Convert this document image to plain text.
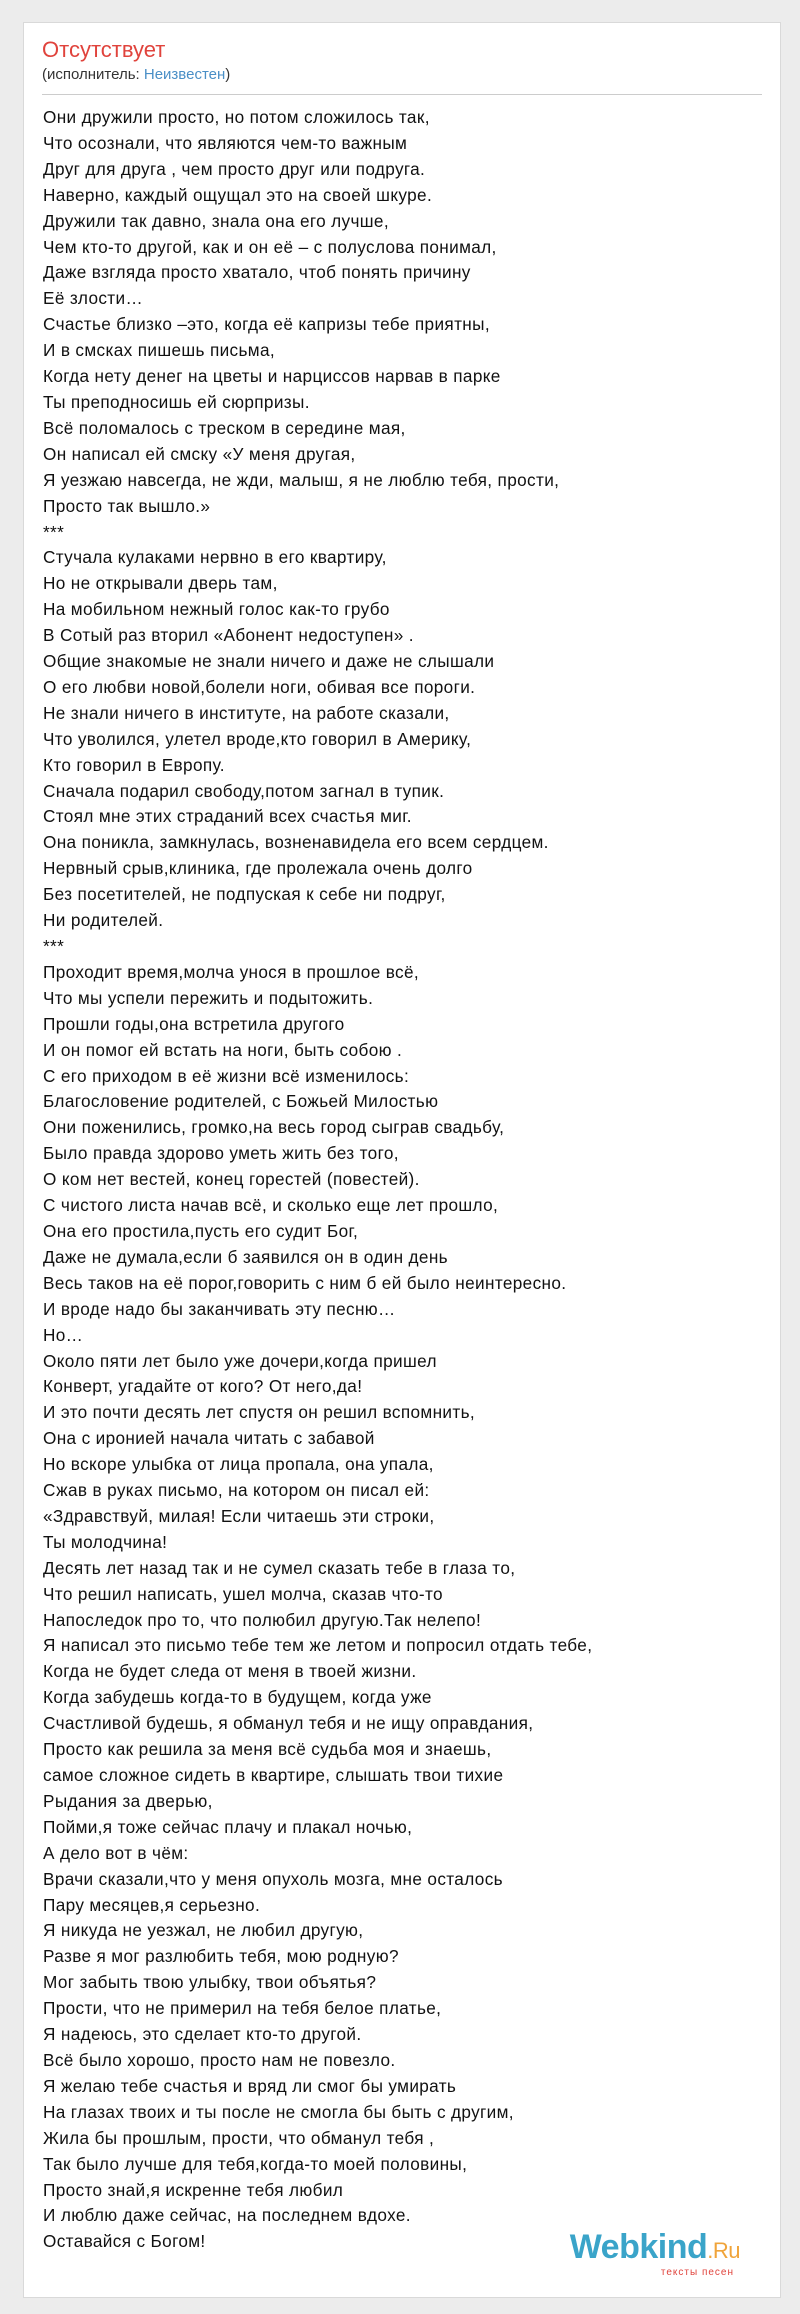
Отсутствует
(исполнитель: Неизвестен)
Они дружили просто, но потом сложилось так,
Что осознали, что являются чем-то важным
Друг для друга , чем просто друг или подруга.
Наверно, каждый ощущал это на своей шкуре.
Дружили так давно, знала она его лучше,
Чем кто-то другой, как и он её – с полуслова понимал,
Даже взгляда просто хватало, чтоб понять причину
Её злости…
Счастье близко –это, когда её капризы тебе приятны,
И в смсках пишешь письма,
Когда нету денег на цветы и нарциссов нарвав в парке
Ты преподносишь ей сюрпризы.
Всё поломалось с треском в середине мая,
Он написал ей смску «У меня другая,
Я уезжаю навсегда, не жди, малыш, я не люблю тебя, прости,
Просто так вышло.»
***
Стучала кулаками нервно в его квартиру,
Но не открывали дверь там,
На мобильном нежный голос как-то грубо
В Сотый раз вторил «Абонент недоступен» .
Общие знакомые не знали ничего и даже не слышали
О его любви новой,болели ноги, обивая все пороги.
Не знали ничего в институте, на работе сказали,
Что уволился, улетел вроде,кто говорил в Америку,
Кто говорил в Европу.
Сначала подарил свободу,потом загнал в тупик.
Стоял мне этих страданий всех счастья миг.
Она поникла, замкнулась, возненавидела его всем сердцем.
Нервный срыв,клиника, где пролежала очень долго
Без посетителей, не подпуская к себе ни подруг,
Ни родителей.
***
Проходит время,молча унося в прошлое всё,
Что мы успели пережить и подытожить.
Прошли годы,она встретила другого
И он помог ей встать на ноги, быть собою .
С его приходом в её жизни всё изменилось:
Благословение родителей, с Божьей Милостью
Они поженились, громко,на весь город сыграв свадьбу,
Было правда здорово уметь жить без того,
О ком нет вестей, конец горестей (повестей).
С чистого листа начав всё, и сколько еще лет прошло,
Она его простила,пусть его судит Бог,
Даже не думала,если б заявился он в один день
Весь таков на её порог,говорить с ним б ей было неинтересно.
И вроде надо бы заканчивать эту песню…
Но…
Около пяти лет было уже дочери,когда пришел
Конверт, угадайте от кого? От него,да!
И это почти десять лет спустя он решил вспомнить,
Она с иронией начала читать с забавой
Но вскоре улыбка от лица пропала, она упала,
Сжав в руках письмо, на котором он писал ей:
«Здравствуй, милая! Если читаешь эти строки,
Ты молодчина!
Десять лет назад так и не сумел сказать тебе в глаза то,
Что решил написать, ушел молча, сказав что-то
Напоследок про то, что полюбил другую.Так нелепо!
Я написал это письмо тебе тем же летом и попросил отдать тебе,
Когда не будет следа от меня в твоей жизни.
Когда забудешь когда-то в будущем, когда уже
Счастливой будешь, я обманул тебя и не ищу оправдания,
Просто как решила за меня всё судьба моя и знаешь,
самое сложное сидеть в квартире, слышать твои тихие
Рыдания за дверью,
Пойми,я тоже сейчас плачу и плакал ночью,
А дело вот в чём:
Врачи сказали,что у меня опухоль мозга, мне осталось
Пару месяцев,я серьезно.
Я никуда не уезжал, не любил другую,
Разве я мог разлюбить тебя, мою родную?
Мог забыть твою улыбку, твои объятья?
Прости, что не примерил на тебя белое платье,
Я надеюсь, это сделает кто-то другой.
Всё было хорошо, просто нам не повезло.
Я желаю тебе счастья и вряд ли смог бы умирать
На глазах твоих и ты после не смогла бы быть с другим,
Жила бы прошлым, прости, что обманул тебя ,
Так было лучше для тебя,когда-то моей половины,
Просто знай,я искренне тебя любил
И люблю даже сейчас, на последнем вдохе.
Оставайся с Богом!	Webkind.Ru
тексты песен
